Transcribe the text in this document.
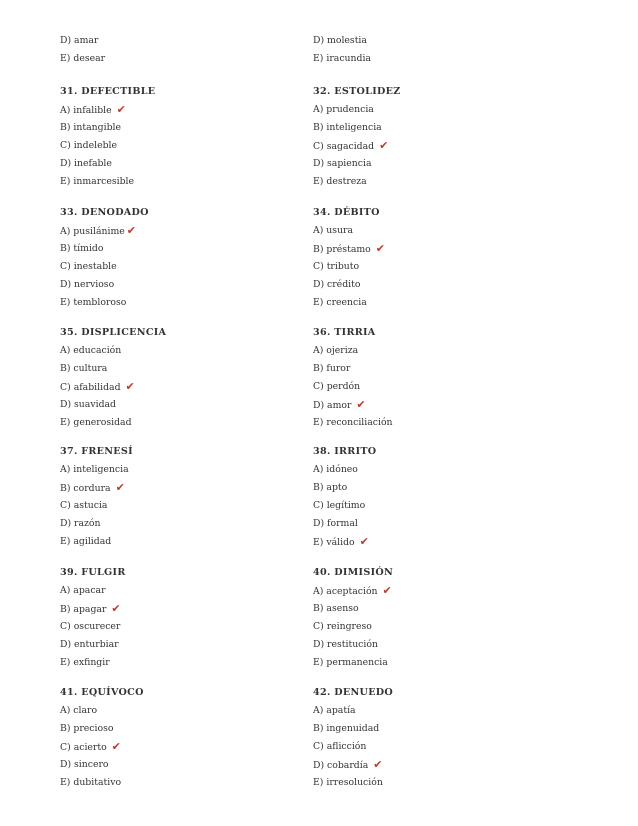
D) amar
E) desear
31. DEFECTIBLE
A) infalible ✔
B) intangible
C) indeleble
D) inefable
E) inmarcesible
33. DENODADO
A) pusilánime ✔
B) tímido
C) inestable
D) nervioso
E) tembloroso
35. DISPLICENCIA
A) educación
B) cultura
C) afabilidad ✔
D) suavidad
E) generosidad
37. FRENESÍ
A) inteligencia
B) cordura ✔
C) astucia
D) razón
E) agilidad
39. FULGIR
A) apacar
B) apagar ✔
C) oscurecer
D) enturbiar
E) exfingir
41. EQUÍVOCO
A) claro
B) precioso
C) acierto ✔
D) sincero
E) dubitativo
D) molestia
E) iracundia
32. ESTOLIDEZ
A) prudencia
B) inteligencia
C) sagacidad ✔
D) sapiencia
E) destreza
34. DÉBITO
A) usura
B) préstamo ✔
C) tributo
D) crédito
E) creencia
36. TIRRIA
A) ojeriza
B) furor
C) perdón
D) amor ✔
E) reconciliación
38. IRRITO
A) idóneo
B) apto
C) legítimo
D) formal
E) válido ✔
40. DIMISIÓN
A) aceptación ✔
B) asenso
C) reingreso
D) restitución
E) permanencia
42. DENUEDO
A) apatía
B) ingenuidad
C) aflicción
D) cobardía ✔
E) irresolución
